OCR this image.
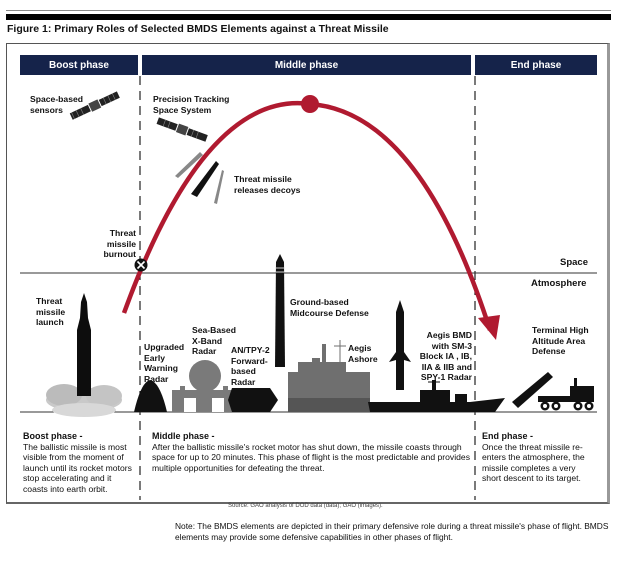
Figure 1: Primary Roles of Selected BMDS Elements against a Threat Missile
Boost phase	Middle phase	End phase
Space
Atmosphere
Space-based
sensors
Precision Tracking
Space System
Threat missile
releases decoys
Threat
missile
burnout
Threat
missile
launch
Upgraded
Early
Warning
Radar
Sea-Based
X-Band
Radar	AN/TPY-2
Forward-
based
Radar
Ground-based
Midcourse Defense
Aegis
Ashore
Aegis BMD
with SM-3
Block IA , IB,
IIA & IIB and
SPY-1 Radar
Terminal High
Altitude Area
Defense
Boost phase -
The ballistic missile is most visible from the moment of launch until its rocket motors stop accelerating and it coasts into earth orbit.
Middle phase -
After the ballistic missile's rocket motor has shut down, the missile coasts through space for up to 20 minutes. This phase of flight is the most predictable and provides multiple opportunities for defeating the threat.
End phase -
Once the threat missile re-enters the atmosphere, the missile completes a very short descent to its target.
Source: GAO analysis of DOD data (data); GAO (images).
Note: The BMDS elements are depicted in their primary defensive role during a threat missile's phase of flight. BMDS elements may provide some defensive capabilities in other phases of flight.
